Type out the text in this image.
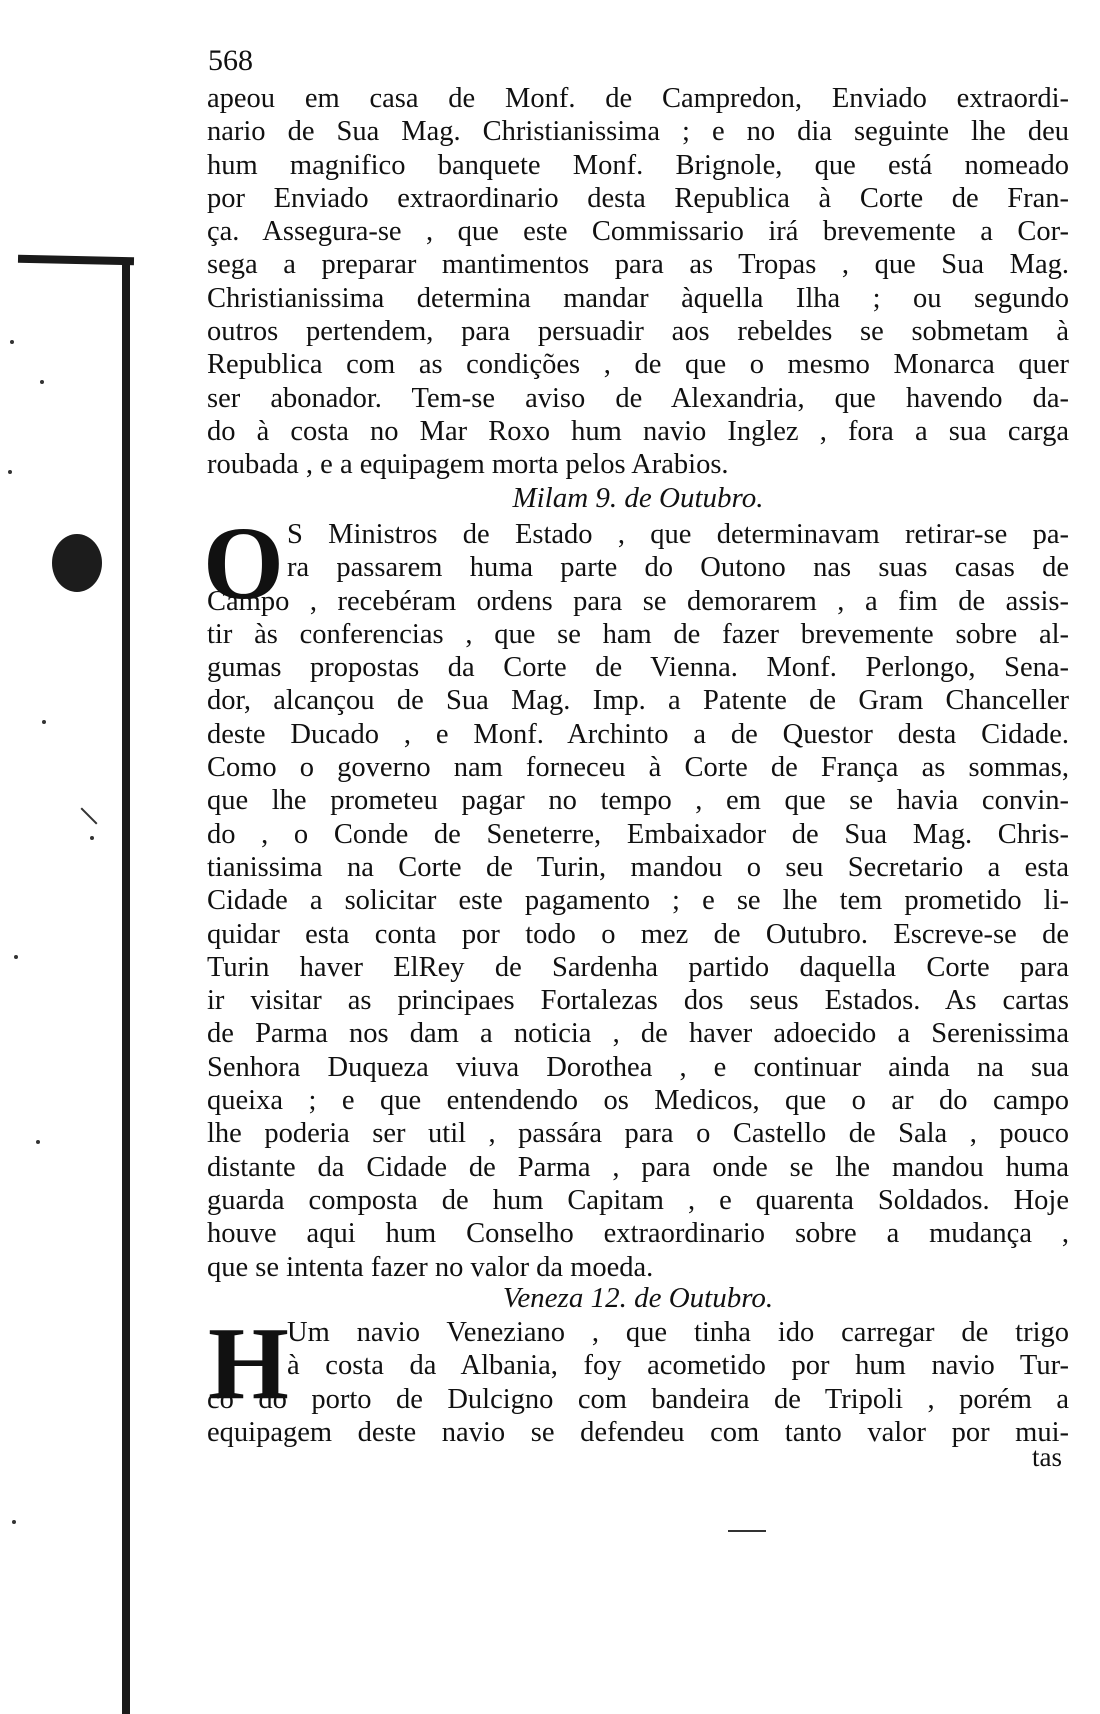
568
apeou em casa de Monf. de Campredon, Enviado extraordi-
nario de Sua Mag. Christianissima ; e no dia seguinte lhe deu
hum magnifico banquete Monf. Brignole, que está nomeado
por Enviado extraordinario desta Republica à Corte de Fran-
ça. Assegura-se , que este Commissario irá brevemente a Cor-
sega a preparar mantimentos para as Tropas , que Sua Mag.
Christianissima determina mandar àquella Ilha ; ou segundo
outros pertendem, para persuadir aos rebeldes se sobmetam à
Republica com as condições , de que o mesmo Monarca quer
ser abonador. Tem-se aviso de Alexandria, que havendo da-
do à costa no Mar Roxo hum navio Inglez , fora a sua carga
roubada , e a equipagem morta pelos Arabios.
Milam 9. de Outubro.
O S Ministros de Estado , que determinavam retirar-se pa-
ra passarem huma parte do Outono nas suas casas de
Campo , recebéram ordens para se demorarem , a fim de assis-
tir às conferencias , que se ham de fazer brevemente sobre al-
gumas propostas da Corte de Vienna. Monf. Perlongo, Sena-
dor, alcançou de Sua Mag. Imp. a Patente de Gram Chanceller
deste Ducado , e Monf. Archinto a de Questor desta Cidade.
Como o governo nam forneceu à Corte de França as sommas,
que lhe prometeu pagar no tempo , em que se havia convin-
do , o Conde de Seneterre, Embaixador de Sua Mag. Chris-
tianissima na Corte de Turin, mandou o seu Secretario a esta
Cidade a solicitar este pagamento ; e se lhe tem prometido li-
quidar esta conta por todo o mez de Outubro. Escreve-se de
Turin haver ElRey de Sardenha partido daquella Corte para
ir visitar as principaes Fortalezas dos seus Estados. As cartas
de Parma nos dam a noticia , de haver adoecido a Serenissima
Senhora Duqueza viuva Dorothea , e continuar ainda na sua
queixa ; e que entendendo os Medicos, que o ar do campo
lhe poderia ser util , passára para o Castello de Sala , pouco
distante da Cidade de Parma , para onde se lhe mandou huma
guarda composta de hum Capitam , e quarenta Soldados. Hoje
houve aqui hum Conselho extraordinario sobre a mudança ,
que se intenta fazer no valor da moeda.
Veneza 12. de Outubro.
H
Um navio Veneziano , que tinha ido carregar de trigo
à costa da Albania, foy acometido por hum navio Tur-
co do porto de Dulcigno com bandeira de Tripoli , porém a
equipagem deste navio se defendeu com tanto valor por mui-
tas
